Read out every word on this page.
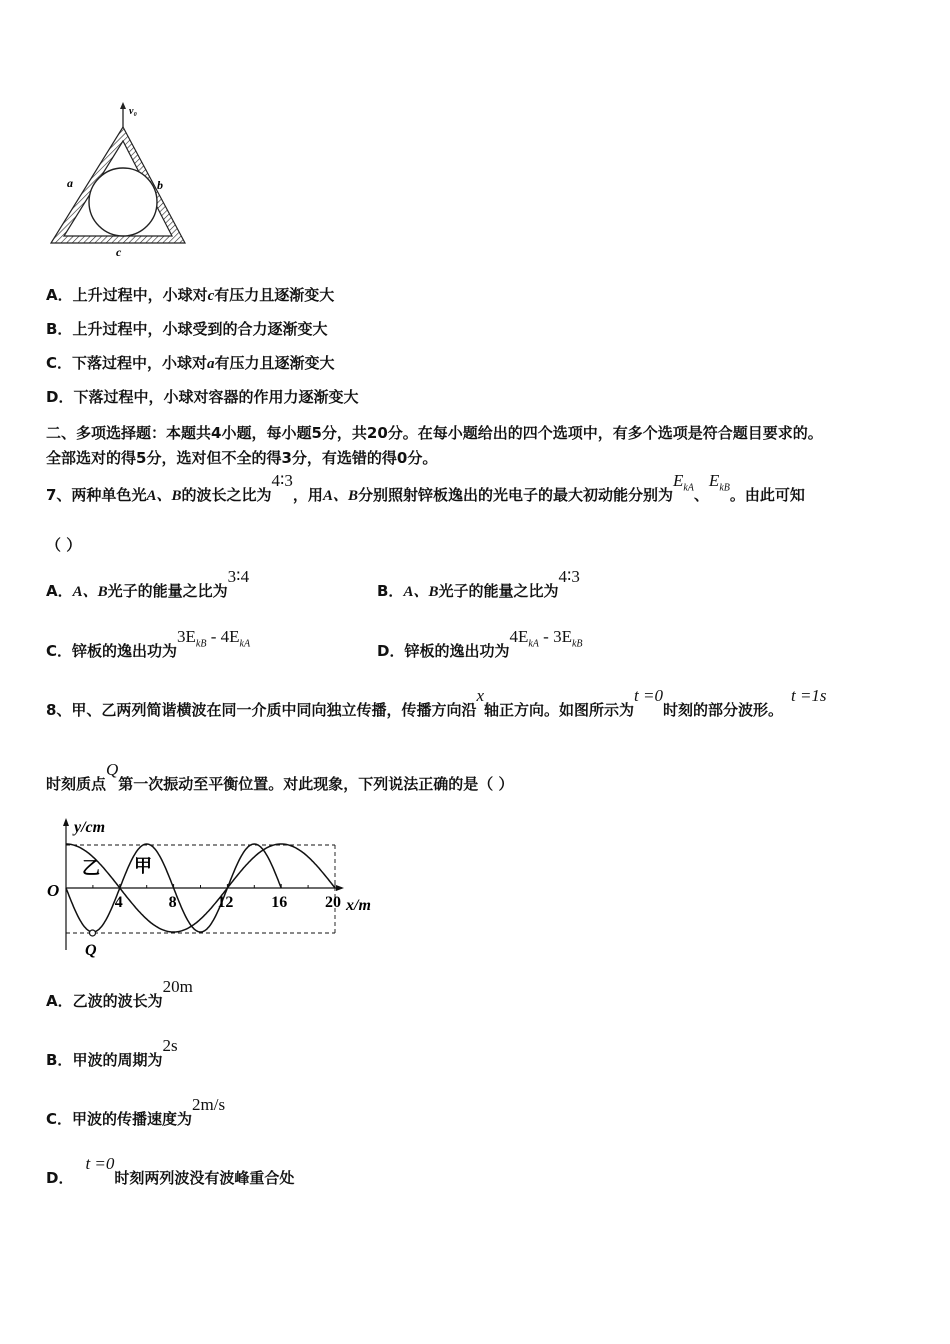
v₀
a	b
c
A．上升过程中，小球对c有压力且逐渐变大
B．上升过程中，小球受到的合力逐渐变大
C．下落过程中，小球对a有压力且逐渐变大
D．下落过程中，小球对容器的作用力逐渐变大
二、多项选择题：本题共4小题，每小题5分，共20分。在每小题给出的四个选项中，有多个选项是符合题目要求的。
全部选对的得5分，选对但不全的得3分，有选错的得0分。
7、两种单色光A、B的波长之比为4∶3，用A、B分别照射锌板逸出的光电子的最大初动能分别为$E_{kA}$、$E_{kB}$。由此可知
（ ）
A．A、B光子的能量之比为3∶4
B．A、B光子的能量之比为4∶3
C．锌板的逸出功为$3E_{kB} - 4E_{kA}$	D．锌板的逸出功为$4E_{kA} - 3E_{kB}$
8、甲、乙两列简谐横波在同一介质中同向独立传播，传播方向沿x轴正方向。如图所示为t =0时刻的部分波形。t =1s
时刻质点Q第一次振动至平衡位置。对此现象，下列说法正确的是（ ）
y/cm
x/m
O
4	8	12 16 20
乙 甲
Q
A．乙波的波长为20m
B．甲波的周期为2s
C．甲波的传播速度为2m/s
D．t =0时刻两列波没有波峰重合处
